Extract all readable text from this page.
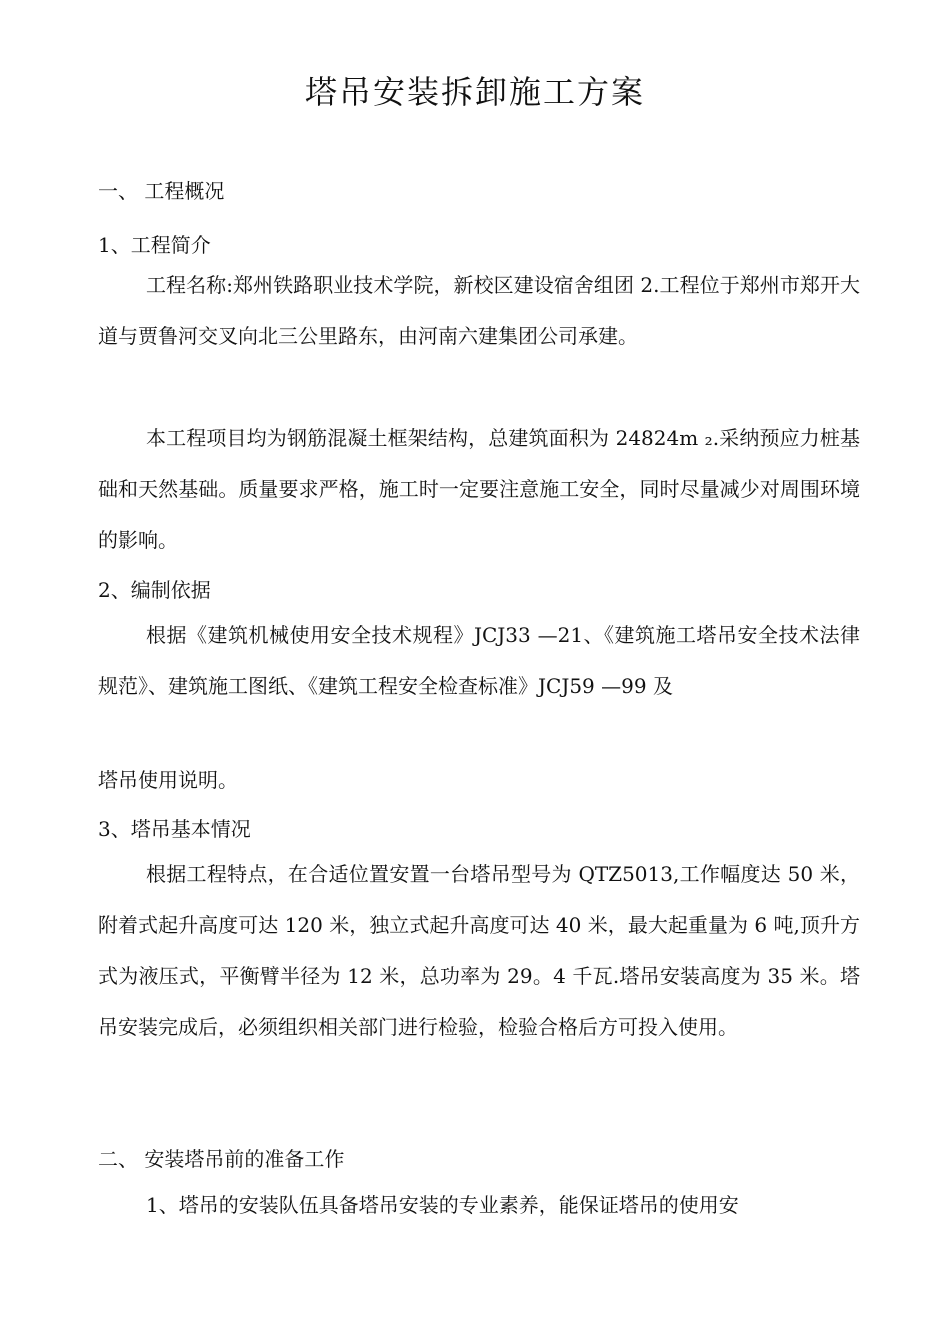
塔吊安装拆卸施工方案
一、 工程概况
1、工程简介

工程名称:郑州铁路职业技术学院，新校区建设宿舍组团 2.工程位于郑州市郑开大道与贾鲁河交叉向北三公里路东，由河南六建集团公司承建。

本工程项目均为钢筋混凝土框架结构，总建筑面积为 24824m ₂.采纳预应力桩基础和天然基础。质量要求严格，施工时一定要注意施工安全，同时尽量减少对周围环境的影响。

2、编制依据

根据《建筑机械使用安全技术规程》JCJ33 —21、《建筑施工塔吊安全技术法律规范》、建筑施工图纸、《建筑工程安全检查标准》JCJ59 —99 及

塔吊使用说明。
3、塔吊基本情况

根据工程特点，在合适位置安置一台塔吊型号为 QTZ5013,工作幅度达 50 米，附着式起升高度可达 120 米，独立式起升高度可达 40 米，最大起重量为 6 吨,顶升方式为液压式，平衡臂半径为 12 米，总功率为 29。4 千瓦.塔吊安装高度为 35 米。塔吊安装完成后，必须组织相关部门进行检验，检验合格后方可投入使用。

二、 安装塔吊前的准备工作

1、塔吊的安装队伍具备塔吊安装的专业素养，能保证塔吊的使用安
